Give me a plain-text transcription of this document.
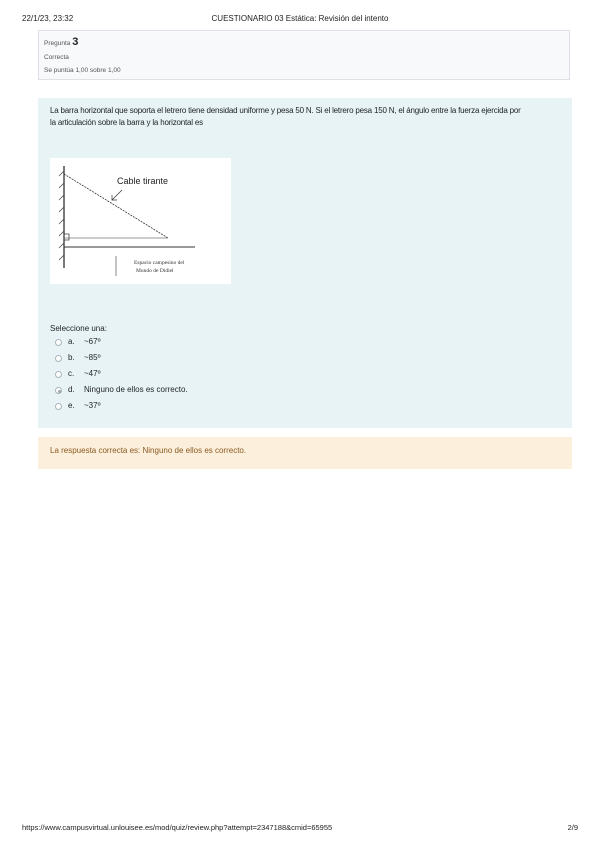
22/1/23, 23:32	CUESTIONARIO 03 Estática: Revisión del intento
Pregunta 3
Correcta
Se puntúa 1,00 sobre 1,00
La barra horizontal que soporta el letrero tiene densidad uniforme y pesa 50 N. Si el letrero pesa 150 N, el ángulo entre la fuerza ejercida por
la articulación sobre la barra y la horizontal es
Cable tirante
Espacio campesino del
Mundo de Didiel
Seleccione una:
a. ~67º
b. ~85º
c. ~47º
d. Ninguno de ellos es correcto.
e. ~37º
La respuesta correcta es: Ninguno de ellos es correcto.
https://www.campusvirtual.unlouisee.es/mod/quiz/review.php?attempt=2347188&cmid=65955	2/9
